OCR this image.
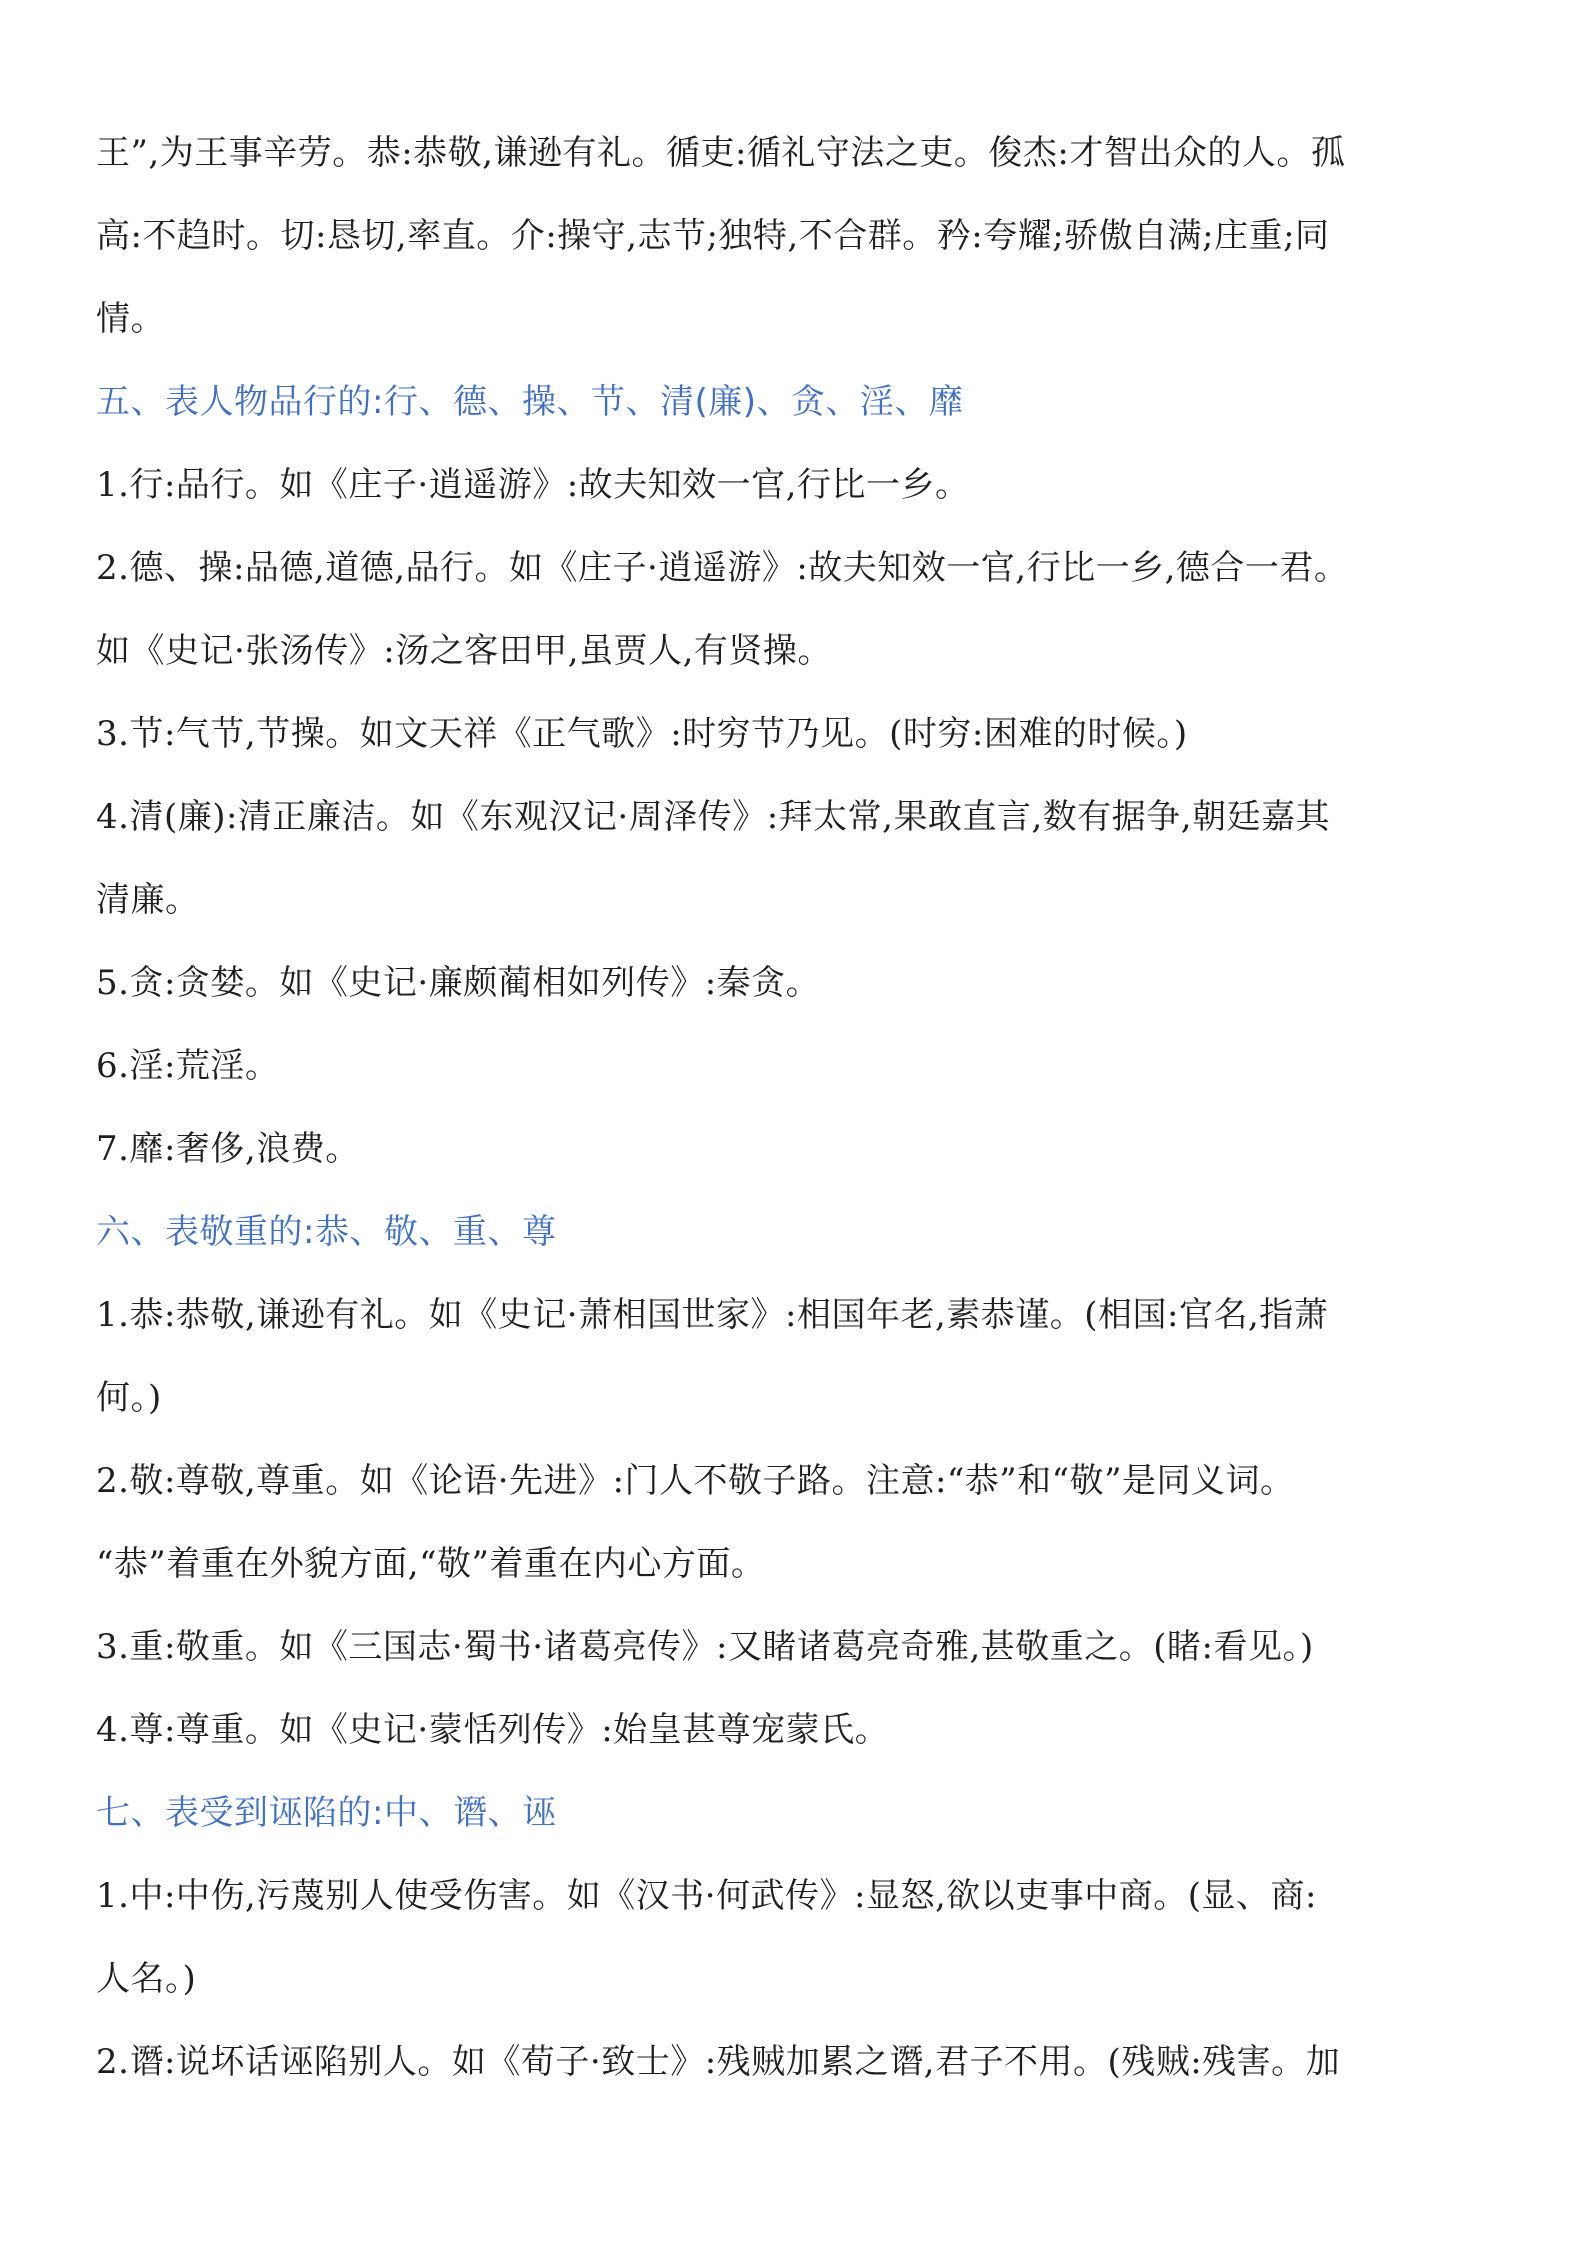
王”,为王事辛劳。恭:恭敬,谦逊有礼。循吏:循礼守法之吏。俊杰:才智出众的人。孤
高:不趋时。切:恳切,率直。介:操守,志节;独特,不合群。矜:夸耀;骄傲自满;庄重;同
情。
五、表人物品行的:行、德、操、节、清(廉)、贪、淫、靡
1.行:品行。如《庄子·逍遥游》:故夫知效一官,行比一乡。
2.德、操:品德,道德,品行。如《庄子·逍遥游》:故夫知效一官,行比一乡,德合一君。
如《史记·张汤传》:汤之客田甲,虽贾人,有贤操。
3.节:气节,节操。如文天祥《正气歌》:时穷节乃见。(时穷:困难的时候。)
4.清(廉):清正廉洁。如《东观汉记·周泽传》:拜太常,果敢直言,数有据争,朝廷嘉其
清廉。
5.贪:贪婪。如《史记·廉颇蔺相如列传》:秦贪。
6.淫:荒淫。
7.靡:奢侈,浪费。
六、表敬重的:恭、敬、重、尊
1.恭:恭敬,谦逊有礼。如《史记·萧相国世家》:相国年老,素恭谨。(相国:官名,指萧
何。)
2.敬:尊敬,尊重。如《论语·先进》:门人不敬子路。注意:“恭”和“敬”是同义词。
“恭”着重在外貌方面,“敬”着重在内心方面。
3.重:敬重。如《三国志·蜀书·诸葛亮传》:又睹诸葛亮奇雅,甚敬重之。(睹:看见。)
4.尊:尊重。如《史记·蒙恬列传》:始皇甚尊宠蒙氏。
七、表受到诬陷的:中、谮、诬
1.中:中伤,污蔑别人使受伤害。如《汉书·何武传》:显怒,欲以吏事中商。(显、商:
人名。)
2.谮:说坏话诬陷别人。如《荀子·致士》:残贼加累之谮,君子不用。(残贼:残害。加
